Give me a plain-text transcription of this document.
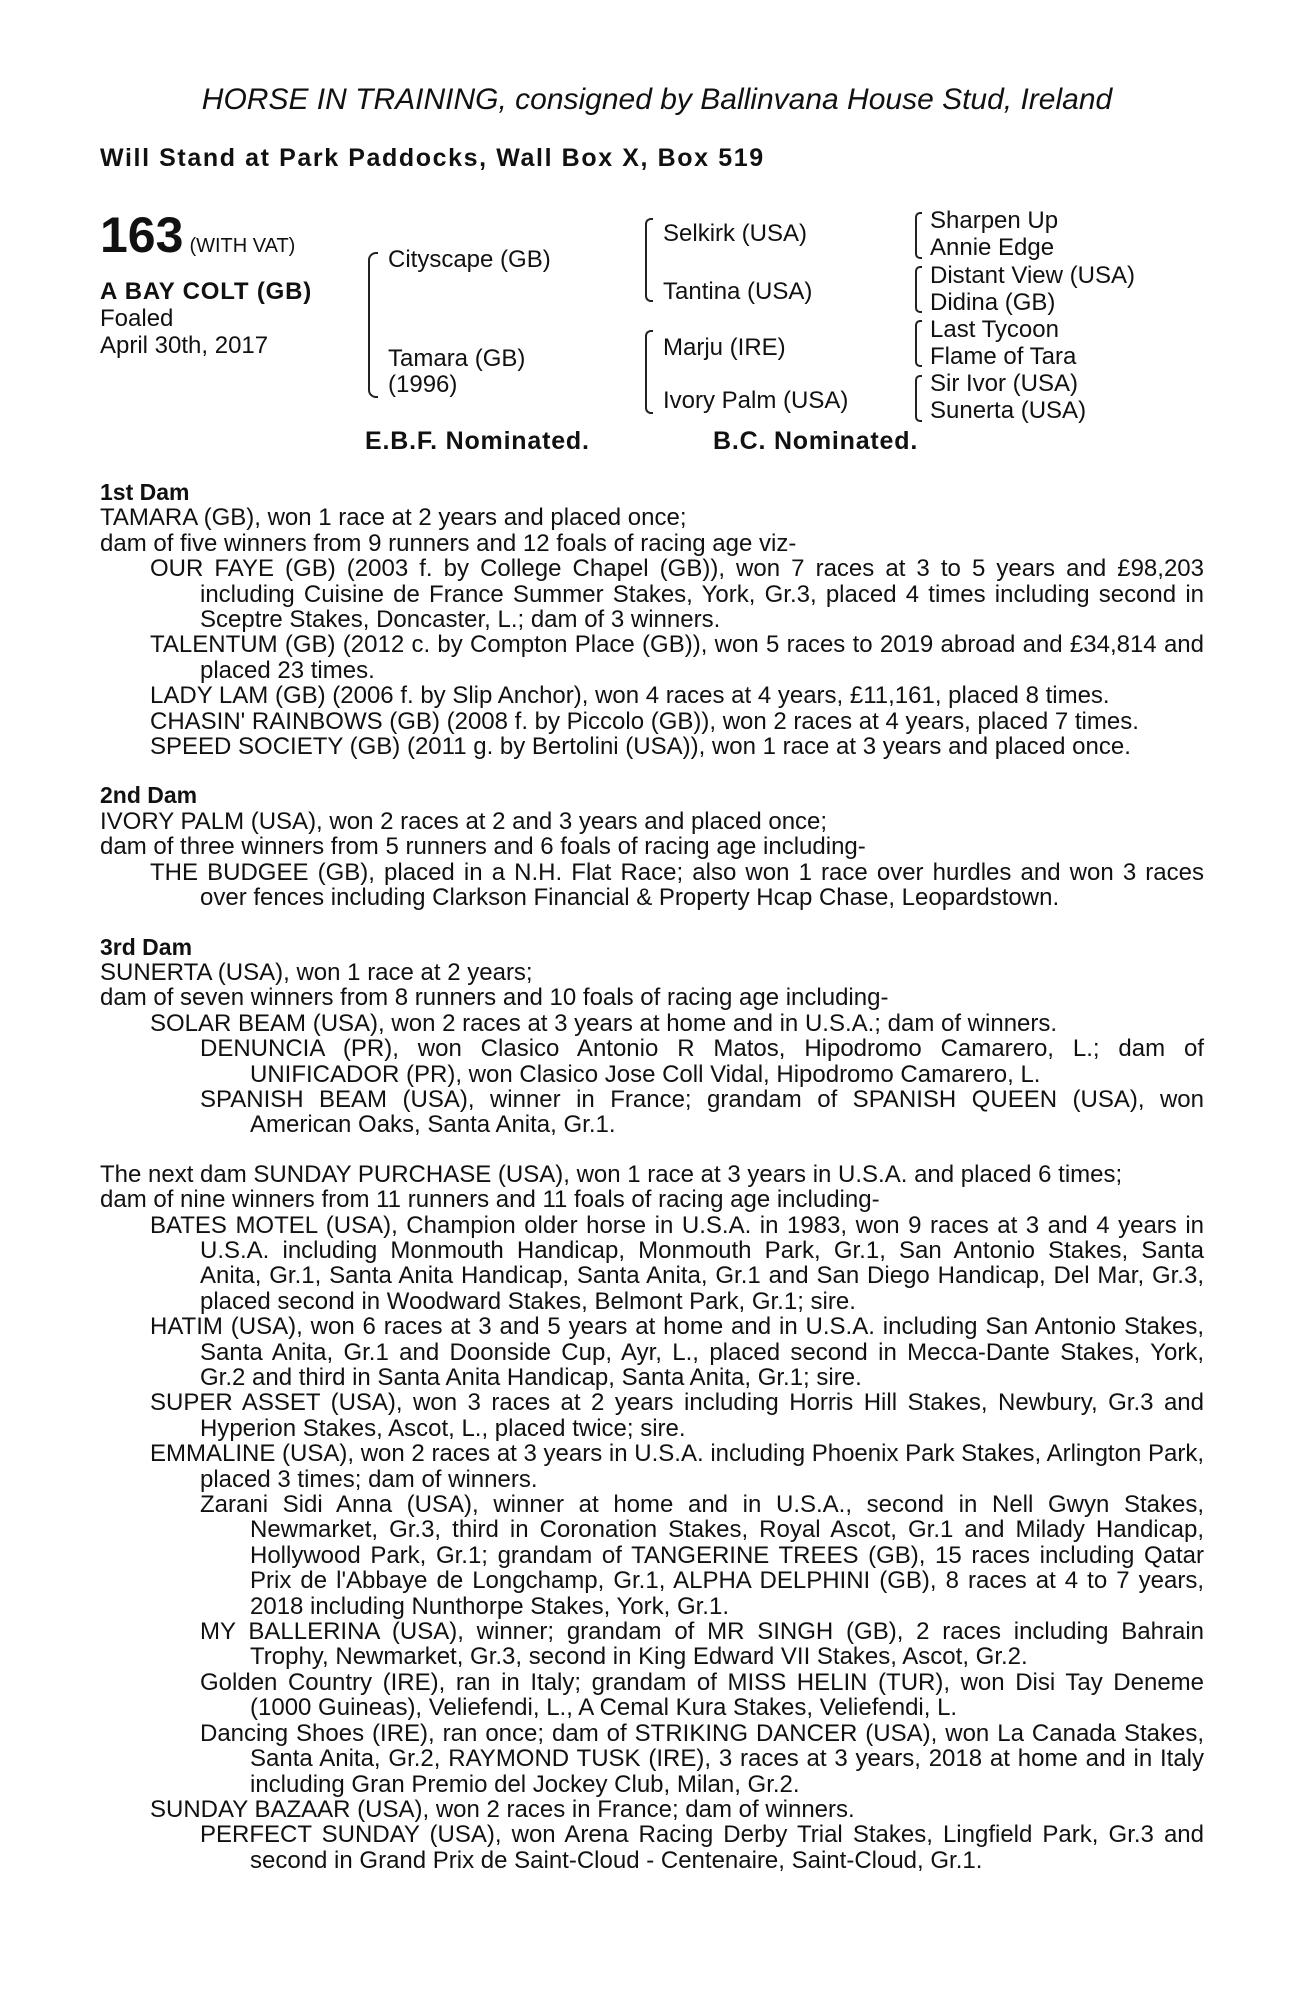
HORSE IN TRAINING, consigned by Ballinvana House Stud, Ireland
Will Stand at Park Paddocks, Wall Box X, Box 519
163 (WITH VAT)
A BAY COLT (GB)
Foaled
April 30th, 2017
Cityscape (GB)
Tamara (GB)
(1996)
Selkirk (USA)
Tantina (USA)
Marju (IRE)
Ivory Palm (USA)
Sharpen Up
Annie Edge
Distant View (USA)
Didina (GB)
Last Tycoon
Flame of Tara
Sir Ivor (USA)
Sunerta (USA)
E.B.F. Nominated.	B.C. Nominated.
1st Dam
TAMARA (GB), won 1 race at 2 years and placed once;
dam of five winners from 9 runners and 12 foals of racing age viz-
OUR FAYE (GB) (2003 f. by College Chapel (GB)), won 7 races at 3 to 5 years and £98,203 including Cuisine de France Summer Stakes, York, Gr.3, placed 4 times including second in Sceptre Stakes, Doncaster, L.; dam of 3 winners.
TALENTUM (GB) (2012 c. by Compton Place (GB)), won 5 races to 2019 abroad and £34,814 and placed 23 times.
LADY LAM (GB) (2006 f. by Slip Anchor), won 4 races at 4 years, £11,161, placed 8 times.
CHASIN' RAINBOWS (GB) (2008 f. by Piccolo (GB)), won 2 races at 4 years, placed 7 times.
SPEED SOCIETY (GB) (2011 g. by Bertolini (USA)), won 1 race at 3 years and placed once.
2nd Dam
IVORY PALM (USA), won 2 races at 2 and 3 years and placed once;
dam of three winners from 5 runners and 6 foals of racing age including-
THE BUDGEE (GB), placed in a N.H. Flat Race; also won 1 race over hurdles and won 3 races over fences including Clarkson Financial & Property Hcap Chase, Leopardstown.
3rd Dam
SUNERTA (USA), won 1 race at 2 years;
dam of seven winners from 8 runners and 10 foals of racing age including-
SOLAR BEAM (USA), won 2 races at 3 years at home and in U.S.A.; dam of winners.
DENUNCIA (PR), won Clasico Antonio R Matos, Hipodromo Camarero, L.; dam of UNIFICADOR (PR), won Clasico Jose Coll Vidal, Hipodromo Camarero, L.
SPANISH BEAM (USA), winner in France; grandam of SPANISH QUEEN (USA), won American Oaks, Santa Anita, Gr.1.
The next dam SUNDAY PURCHASE (USA), won 1 race at 3 years in U.S.A. and placed 6 times;
dam of nine winners from 11 runners and 11 foals of racing age including-
BATES MOTEL (USA), Champion older horse in U.S.A. in 1983, won 9 races at 3 and 4 years in U.S.A. including Monmouth Handicap, Monmouth Park, Gr.1, San Antonio Stakes, Santa Anita, Gr.1, Santa Anita Handicap, Santa Anita, Gr.1 and San Diego Handicap, Del Mar, Gr.3, placed second in Woodward Stakes, Belmont Park, Gr.1; sire.
HATIM (USA), won 6 races at 3 and 5 years at home and in U.S.A. including San Antonio Stakes, Santa Anita, Gr.1 and Doonside Cup, Ayr, L., placed second in Mecca-Dante Stakes, York, Gr.2 and third in Santa Anita Handicap, Santa Anita, Gr.1; sire.
SUPER ASSET (USA), won 3 races at 2 years including Horris Hill Stakes, Newbury, Gr.3 and Hyperion Stakes, Ascot, L., placed twice; sire.
EMMALINE (USA), won 2 races at 3 years in U.S.A. including Phoenix Park Stakes, Arlington Park, placed 3 times; dam of winners.
Zarani Sidi Anna (USA), winner at home and in U.S.A., second in Nell Gwyn Stakes, Newmarket, Gr.3, third in Coronation Stakes, Royal Ascot, Gr.1 and Milady Handicap, Hollywood Park, Gr.1; grandam of TANGERINE TREES (GB), 15 races including Qatar Prix de l'Abbaye de Longchamp, Gr.1, ALPHA DELPHINI (GB), 8 races at 4 to 7 years, 2018 including Nunthorpe Stakes, York, Gr.1.
MY BALLERINA (USA), winner; grandam of MR SINGH (GB), 2 races including Bahrain Trophy, Newmarket, Gr.3, second in King Edward VII Stakes, Ascot, Gr.2.
Golden Country (IRE), ran in Italy; grandam of MISS HELIN (TUR), won Disi Tay Deneme (1000 Guineas), Veliefendi, L., A Cemal Kura Stakes, Veliefendi, L.
Dancing Shoes (IRE), ran once; dam of STRIKING DANCER (USA), won La Canada Stakes, Santa Anita, Gr.2, RAYMOND TUSK (IRE), 3 races at 3 years, 2018 at home and in Italy including Gran Premio del Jockey Club, Milan, Gr.2.
SUNDAY BAZAAR (USA), won 2 races in France; dam of winners.
PERFECT SUNDAY (USA), won Arena Racing Derby Trial Stakes, Lingfield Park, Gr.3 and second in Grand Prix de Saint-Cloud - Centenaire, Saint-Cloud, Gr.1.
